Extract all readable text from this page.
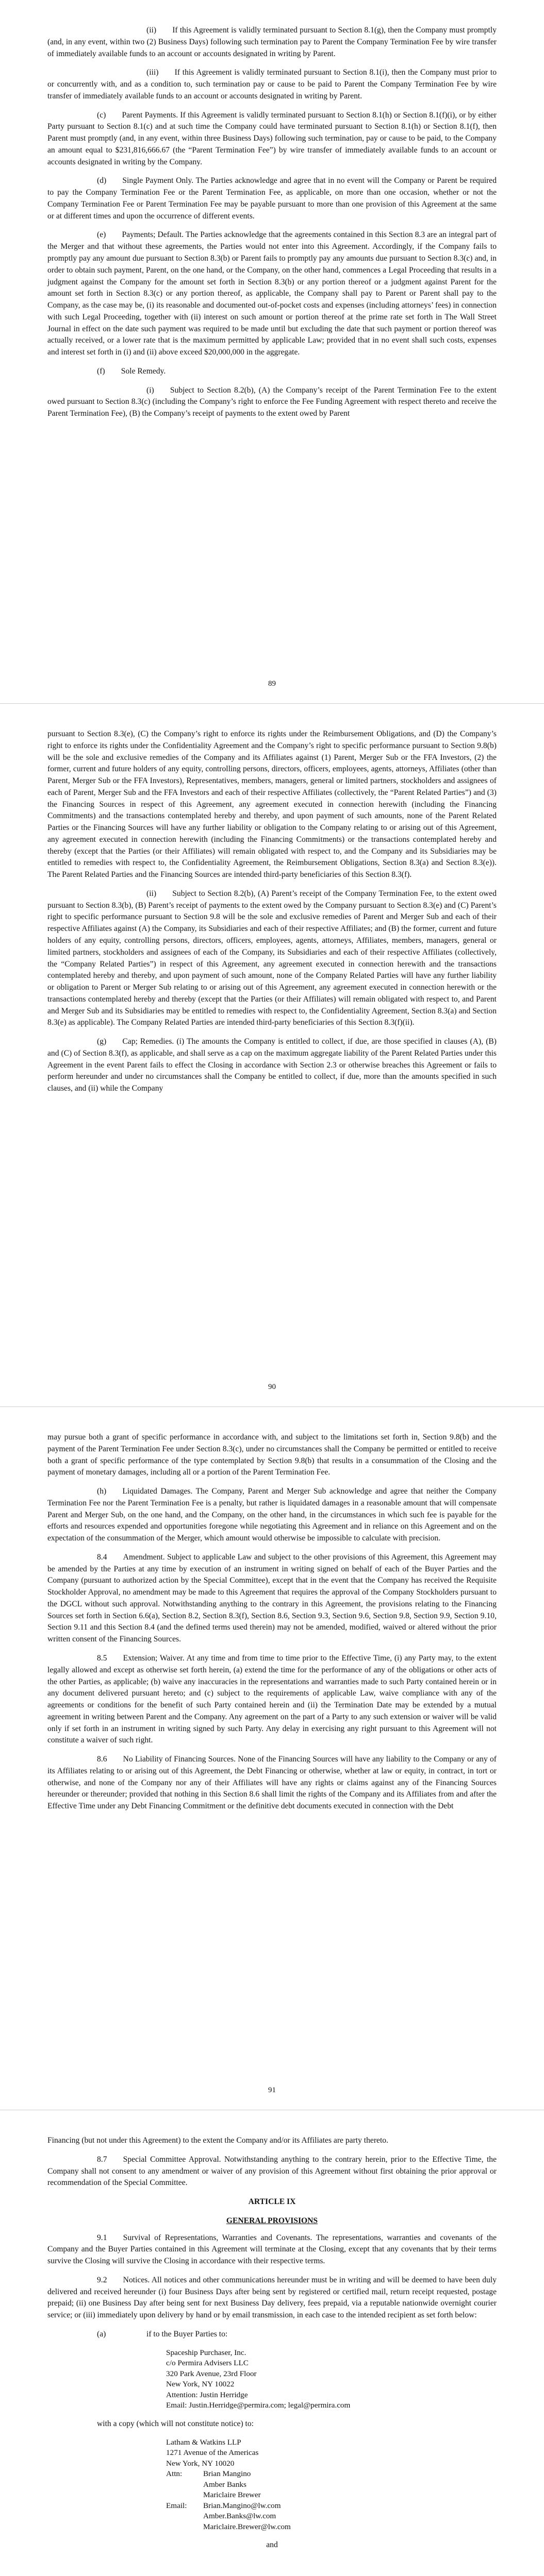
(ii)  If this Agreement is validly terminated pursuant to Section 8.1(g), then the Company must promptly (and, in any event, within two (2) Business Days) following such termination pay to Parent the Company Termination Fee by wire transfer of immediately available funds to an account or accounts designated in writing by Parent.

(iii)  If this Agreement is validly terminated pursuant to Section 8.1(i), then the Company must prior to or concurrently with, and as a condition to, such termination pay or cause to be paid to Parent the Company Termination Fee by wire transfer of immediately available funds to an account or accounts designated in writing by Parent.

(c)  Parent Payments. If this Agreement is validly terminated pursuant to Section 8.1(h) or Section 8.1(f)(i), or by either Party pursuant to Section 8.1(c) and at such time the Company could have terminated pursuant to Section 8.1(h) or Section 8.1(f), then Parent must promptly (and, in any event, within three Business Days) following such termination, pay or cause to be paid, to the Company an amount equal to $231,816,666.67 (the “Parent Termination Fee”) by wire transfer of immediately available funds to an account or accounts designated in writing by the Company.

(d)  Single Payment Only. The Parties acknowledge and agree that in no event will the Company or Parent be required to pay the Company Termination Fee or the Parent Termination Fee, as applicable, on more than one occasion, whether or not the Company Termination Fee or Parent Termination Fee may be payable pursuant to more than one provision of this Agreement at the same or at different times and upon the occurrence of different events.

(e)  Payments; Default. The Parties acknowledge that the agreements contained in this Section 8.3 are an integral part of the Merger and that without these agreements, the Parties would not enter into this Agreement. Accordingly, if the Company fails to promptly pay any amount due pursuant to Section 8.3(b) or Parent fails to promptly pay any amounts due pursuant to Section 8.3(c) and, in order to obtain such payment, Parent, on the one hand, or the Company, on the other hand, commences a Legal Proceeding that results in a judgment against the Company for the amount set forth in Section 8.3(b) or any portion thereof or a judgment against Parent for the amount set forth in Section 8.3(c) or any portion thereof, as applicable, the Company shall pay to Parent or Parent shall pay to the Company, as the case may be, (i) its reasonable and documented out-of-pocket costs and expenses (including attorneys’ fees) in connection with such Legal Proceeding, together with (ii) interest on such amount or portion thereof at the prime rate set forth in The Wall Street Journal in effect on the date such payment was required to be made until but excluding the date that such payment or portion thereof was actually received, or a lower rate that is the maximum permitted by applicable Law; provided that in no event shall such costs, expenses and interest set forth in (i) and (ii) above exceed $20,000,000 in the aggregate.

(f)  Sole Remedy.

(i)  Subject to Section 8.2(b), (A) the Company’s receipt of the Parent Termination Fee to the extent owed pursuant to Section 8.3(c) (including the Company’s right to enforce the Fee Funding Agreement with respect thereto and receive the Parent Termination Fee), (B) the Company’s receipt of payments to the extent owed by Parent

89

pursuant to Section 8.3(e), (C) the Company’s right to enforce its rights under the Reimbursement Obligations, and (D) the Company’s right to enforce its rights under the Confidentiality Agreement and the Company’s right to specific performance pursuant to Section 9.8(b) will be the sole and exclusive remedies of the Company and its Affiliates against (1) Parent, Merger Sub or the FFA Investors, (2) the former, current and future holders of any equity, controlling persons, directors, officers, employees, agents, attorneys, Affiliates (other than Parent, Merger Sub or the FFA Investors), Representatives, members, managers, general or limited partners, stockholders and assignees of each of Parent, Merger Sub and the FFA Investors and each of their respective Affiliates (collectively, the “Parent Related Parties”) and (3) the Financing Sources in respect of this Agreement, any agreement executed in connection herewith (including the Financing Commitments) and the transactions contemplated hereby and thereby, and upon payment of such amounts, none of the Parent Related Parties or the Financing Sources will have any further liability or obligation to the Company relating to or arising out of this Agreement, any agreement executed in connection herewith (including the Financing Commitments) or the transactions contemplated hereby and thereby (except that the Parties (or their Affiliates) will remain obligated with respect to, and the Company and its Subsidiaries may be entitled to remedies with respect to, the Confidentiality Agreement, the Reimbursement Obligations, Section 8.3(a) and Section 8.3(e)). The Parent Related Parties and the Financing Sources are intended third-party beneficiaries of this Section 8.3(f).

(ii)  Subject to Section 8.2(b), (A) Parent’s receipt of the Company Termination Fee, to the extent owed pursuant to Section 8.3(b), (B) Parent’s receipt of payments to the extent owed by the Company pursuant to Section 8.3(e) and (C) Parent’s right to specific performance pursuant to Section 9.8 will be the sole and exclusive remedies of Parent and Merger Sub and each of their respective Affiliates against (A) the Company, its Subsidiaries and each of their respective Affiliates; and (B) the former, current and future holders of any equity, controlling persons, directors, officers, employees, agents, attorneys, Affiliates, members, managers, general or limited partners, stockholders and assignees of each of the Company, its Subsidiaries and each of their respective Affiliates (collectively, the “Company Related Parties”) in respect of this Agreement, any agreement executed in connection herewith and the transactions contemplated hereby and thereby, and upon payment of such amount, none of the Company Related Parties will have any further liability or obligation to Parent or Merger Sub relating to or arising out of this Agreement, any agreement executed in connection herewith or the transactions contemplated hereby and thereby (except that the Parties (or their Affiliates) will remain obligated with respect to, and Parent and Merger Sub and its Subsidiaries may be entitled to remedies with respect to, the Confidentiality Agreement, Section 8.3(a) and Section 8.3(e) as applicable). The Company Related Parties are intended third-party beneficiaries of this Section 8.3(f)(ii).

(g)  Cap; Remedies. (i) The amounts the Company is entitled to collect, if due, are those specified in clauses (A), (B) and (C) of Section 8.3(f), as applicable, and shall serve as a cap on the maximum aggregate liability of the Parent Related Parties under this Agreement in the event Parent fails to effect the Closing in accordance with Section 2.3 or otherwise breaches this Agreement or fails to perform hereunder and under no circumstances shall the Company be entitled to collect, if due, more than the amounts specified in such clauses, and (ii) while the Company

90

may pursue both a grant of specific performance in accordance with, and subject to the limitations set forth in, Section 9.8(b) and the payment of the Parent Termination Fee under Section 8.3(c), under no circumstances shall the Company be permitted or entitled to receive both a grant of specific performance of the type contemplated by Section 9.8(b) that results in a consummation of the Closing and the payment of monetary damages, including all or a portion of the Parent Termination Fee.

(h)  Liquidated Damages. The Company, Parent and Merger Sub acknowledge and agree that neither the Company Termination Fee nor the Parent Termination Fee is a penalty, but rather is liquidated damages in a reasonable amount that will compensate Parent and Merger Sub, on the one hand, and the Company, on the other hand, in the circumstances in which such fee is payable for the efforts and resources expended and opportunities foregone while negotiating this Agreement and in reliance on this Agreement and on the expectation of the consummation of the Merger, which amount would otherwise be impossible to calculate with precision.

8.4  Amendment. Subject to applicable Law and subject to the other provisions of this Agreement, this Agreement may be amended by the Parties at any time by execution of an instrument in writing signed on behalf of each of the Buyer Parties and the Company (pursuant to authorized action by the Special Committee), except that in the event that the Company has received the Requisite Stockholder Approval, no amendment may be made to this Agreement that requires the approval of the Company Stockholders pursuant to the DGCL without such approval. Notwithstanding anything to the contrary in this Agreement, the provisions relating to the Financing Sources set forth in Section 6.6(a), Section 8.2, Section 8.3(f), Section 8.6, Section 9.3, Section 9.6, Section 9.8, Section 9.9, Section 9.10, Section 9.11 and this Section 8.4 (and the defined terms used therein) may not be amended, modified, waived or altered without the prior written consent of the Financing Sources.

8.5  Extension; Waiver. At any time and from time to time prior to the Effective Time, (i) any Party may, to the extent legally allowed and except as otherwise set forth herein, (a) extend the time for the performance of any of the obligations or other acts of the other Parties, as applicable; (b) waive any inaccuracies in the representations and warranties made to such Party contained herein or in any document delivered pursuant hereto; and (c) subject to the requirements of applicable Law, waive compliance with any of the agreements or conditions for the benefit of such Party contained herein and (ii) the Termination Date may be extended by a mutual agreement in writing between Parent and the Company. Any agreement on the part of a Party to any such extension or waiver will be valid only if set forth in an instrument in writing signed by such Party. Any delay in exercising any right pursuant to this Agreement will not constitute a waiver of such right.

8.6  No Liability of Financing Sources. None of the Financing Sources will have any liability to the Company or any of its Affiliates relating to or arising out of this Agreement, the Debt Financing or otherwise, whether at law or equity, in contract, in tort or otherwise, and none of the Company nor any of their Affiliates will have any rights or claims against any of the Financing Sources hereunder or thereunder; provided that nothing in this Section 8.6 shall limit the rights of the Company and its Affiliates from and after the Effective Time under any Debt Financing Commitment or the definitive debt documents executed in connection with the Debt

91

Financing (but not under this Agreement) to the extent the Company and/or its Affiliates are party thereto.

8.7  Special Committee Approval. Notwithstanding anything to the contrary herein, prior to the Effective Time, the Company shall not consent to any amendment or waiver of any provision of this Agreement without first obtaining the prior approval or recommendation of the Special Committee.

ARTICLE IX
GENERAL PROVISIONS

9.1  Survival of Representations, Warranties and Covenants. The representations, warranties and covenants of the Company and the Buyer Parties contained in this Agreement will terminate at the Closing, except that any covenants that by their terms survive the Closing will survive the Closing in accordance with their respective terms.

9.2  Notices. All notices and other communications hereunder must be in writing and will be deemed to have been duly delivered and received hereunder (i) four Business Days after being sent by registered or certified mail, return receipt requested, postage prepaid; (ii) one Business Day after being sent for next Business Day delivery, fees prepaid, via a reputable nationwide overnight courier service; or (iii) immediately upon delivery by hand or by email transmission, in each case to the intended recipient as set forth below:

(a)	if to the Buyer Parties to:
Spaceship Purchaser, Inc.
c/o Permira Advisers LLC
320 Park Avenue, 23rd Floor
New York, NY 10022
Attention: Justin Herridge
Email: Justin.Herridge@permira.com; legal@permira.com

with a copy (which will not constitute notice) to:

Latham & Watkins LLP
1271 Avenue of the Americas
New York, NY 10020
Attn:	Brian Mangino
Amber Banks
Mariclaire Brewer
Email:	Brian.Mangino@lw.com
Amber.Banks@lw.com
Mariclaire.Brewer@lw.com
and
